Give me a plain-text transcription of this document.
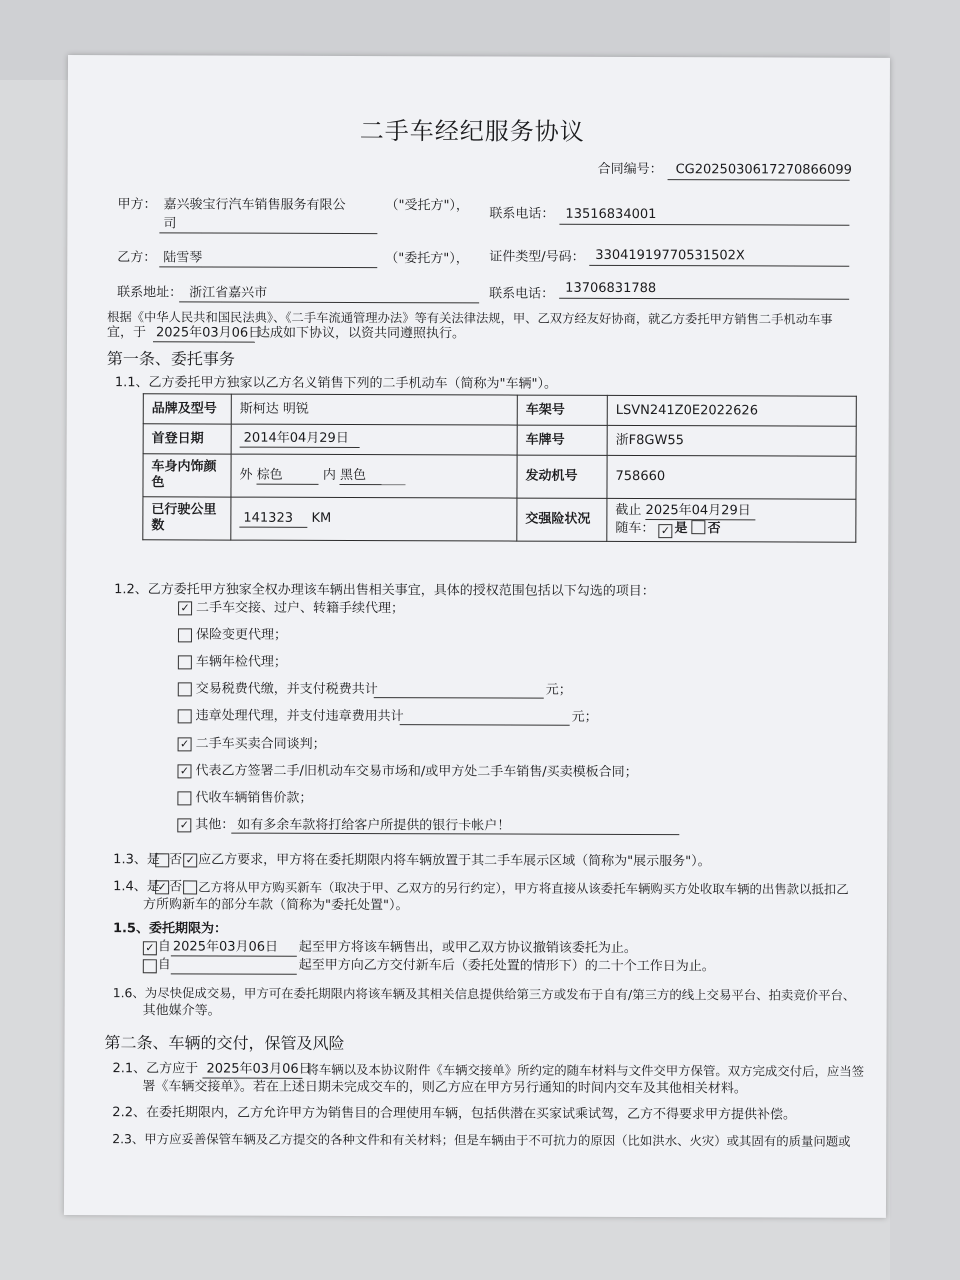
二手车经纪服务协议
合同编号： CG2025030617270866099
甲方： 嘉兴骏宝行汽车销售服务有限公
司
（"受托方"），
联系电话： 13516834001
乙方： 陆雪琴	（"委托方"）， 证件类型/号码： 33041919770531502X
联系地址： 浙江省嘉兴市	联系电话： 13706831788
根据《中华人民共和国民法典》、《二手车流通管理办法》等有关法律法规，甲、乙双方经友好协商，就乙方委托甲方销售二手机动车事
宜，于 2025年03月06日
达成如下协议，以资共同遵照执行。
第一条、委托事务
1.1、乙方委托甲方独家以乙方名义销售下列的二手机动车（简称为"车辆"）。
品牌及型号	斯柯达 明锐	车架号	LSVN241Z0E2022626
首登日期	2014年04月29日	车牌号	浙F8GW55
车身内饰颜
色	外 棕色 内 黑色	发动机号	758660
已行驶公里
数	141323 KM	交强险状况	截止 2025年04月29日
随车： ✓ 是 否
1.2、乙方委托甲方独家全权办理该车辆出售相关事宜，具体的授权范围包括以下勾选的项目：
✓ 二手车交接、过户、转籍手续代理；
保险变更代理；
车辆年检代理；
交易税费代缴，并支付税费共计	元；
违章处理代理，并支付违章费用共计	元；
✓ 二手车买卖合同谈判；
✓ 代表乙方签署二手/旧机动车交易市场和/或甲方处二手车销售/买卖模板合同；
代收车辆销售价款；
✓ 其他： 如有多余车款将打给客户所提供的银行卡帐户！
1.3、是 否 ✓ 应乙方要求，甲方将在委托期限内将车辆放置于其二手车展示区域（简称为"展示服务"）。
1.4、是
✓ 否 乙方将从甲方购买新车（取决于甲、乙双方的另行约定），甲方将直接从该委托车辆购买方处收取车辆的出售款以抵扣乙
方所购新车的部分车款（简称为"委托处置"）。
1.5、委托期限为：
✓ 自 2025年03月06日 起至甲方将该车辆售出，或甲乙双方协议撤销该委托为止。
自	起至甲方向乙方交付新车后（委托处置的情形下）的二十个工作日为止。
1.6、为尽快促成交易，甲方可在委托期限内将该车辆及其相关信息提供给第三方或发布于自有/第三方的线上交易平台、拍卖竞价平台、
其他媒介等。
第二条、车辆的交付，保管及风险
2.1、乙方应于 2025年03月06日
将车辆以及本协议附件《车辆交接单》所约定的随车材料与文件交甲方保管。双方完成交付后，应当签
署《车辆交接单》。若在上述日期未完成交车的，则乙方应在甲方另行通知的时间内交车及其他相关材料。
2.2、在委托期限内，乙方允许甲方为销售目的合理使用车辆，包括供潜在买家试乘试驾，乙方不得要求甲方提供补偿。
2.3、甲方应妥善保管车辆及乙方提交的各种文件和有关材料；但是车辆由于不可抗力的原因（比如洪水、火灾）或其固有的质量问题或
